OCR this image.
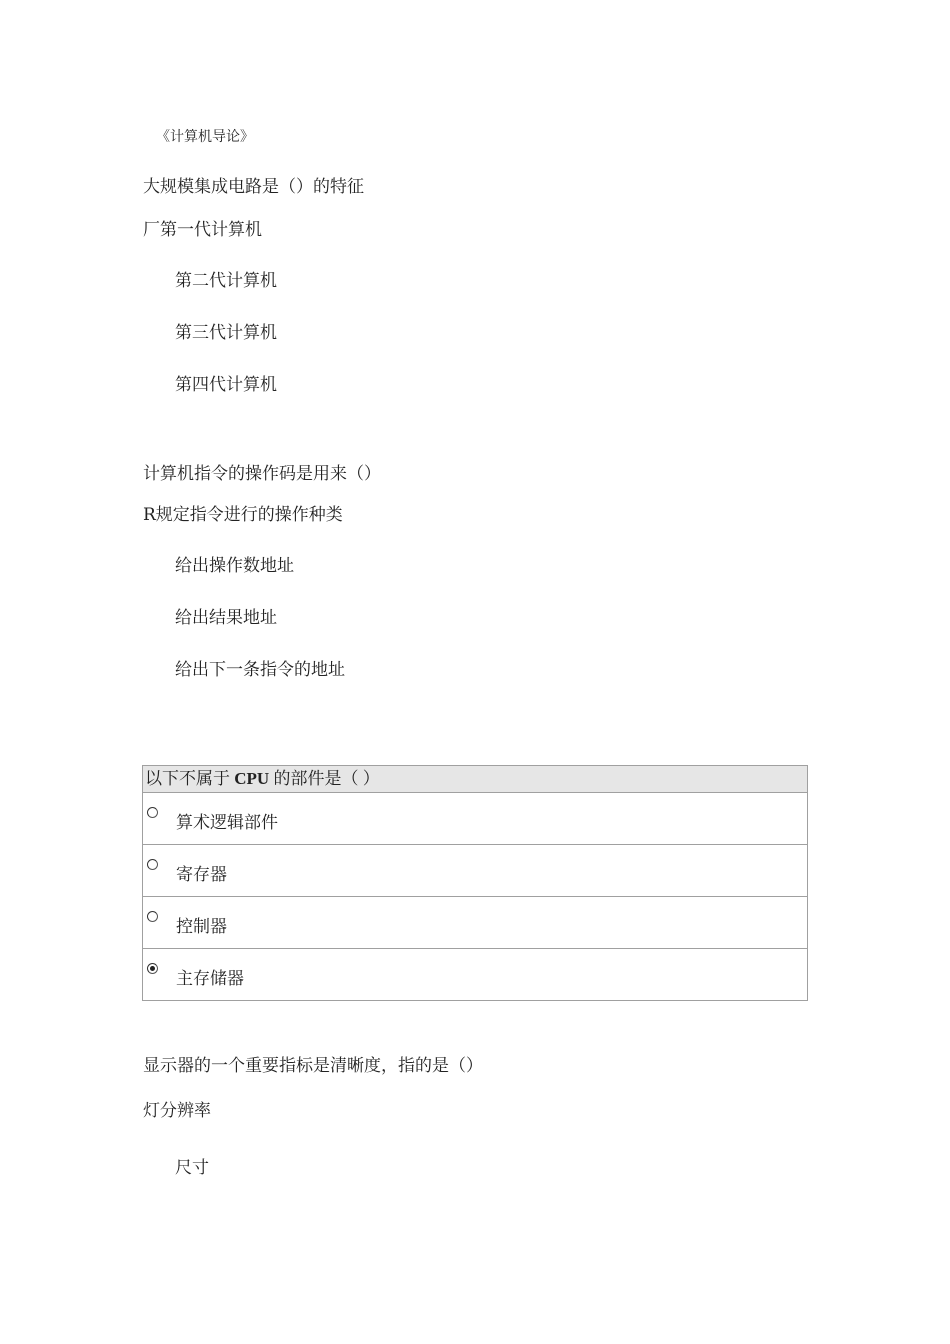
《计算机导论》
大规模集成电路是（）的特征
厂第一代计算机
第二代计算机
第三代计算机
第四代计算机
计算机指令的操作码是用来（）
R规定指令进行的操作种类
给出操作数地址
给出结果地址
给出下一条指令的地址
以下不属于 CPU 的部件是（ ）
算术逻辑部件
寄存器
控制器
主存储器
显示器的一个重要指标是清晰度，指的是（）
灯分辨率
尺寸
